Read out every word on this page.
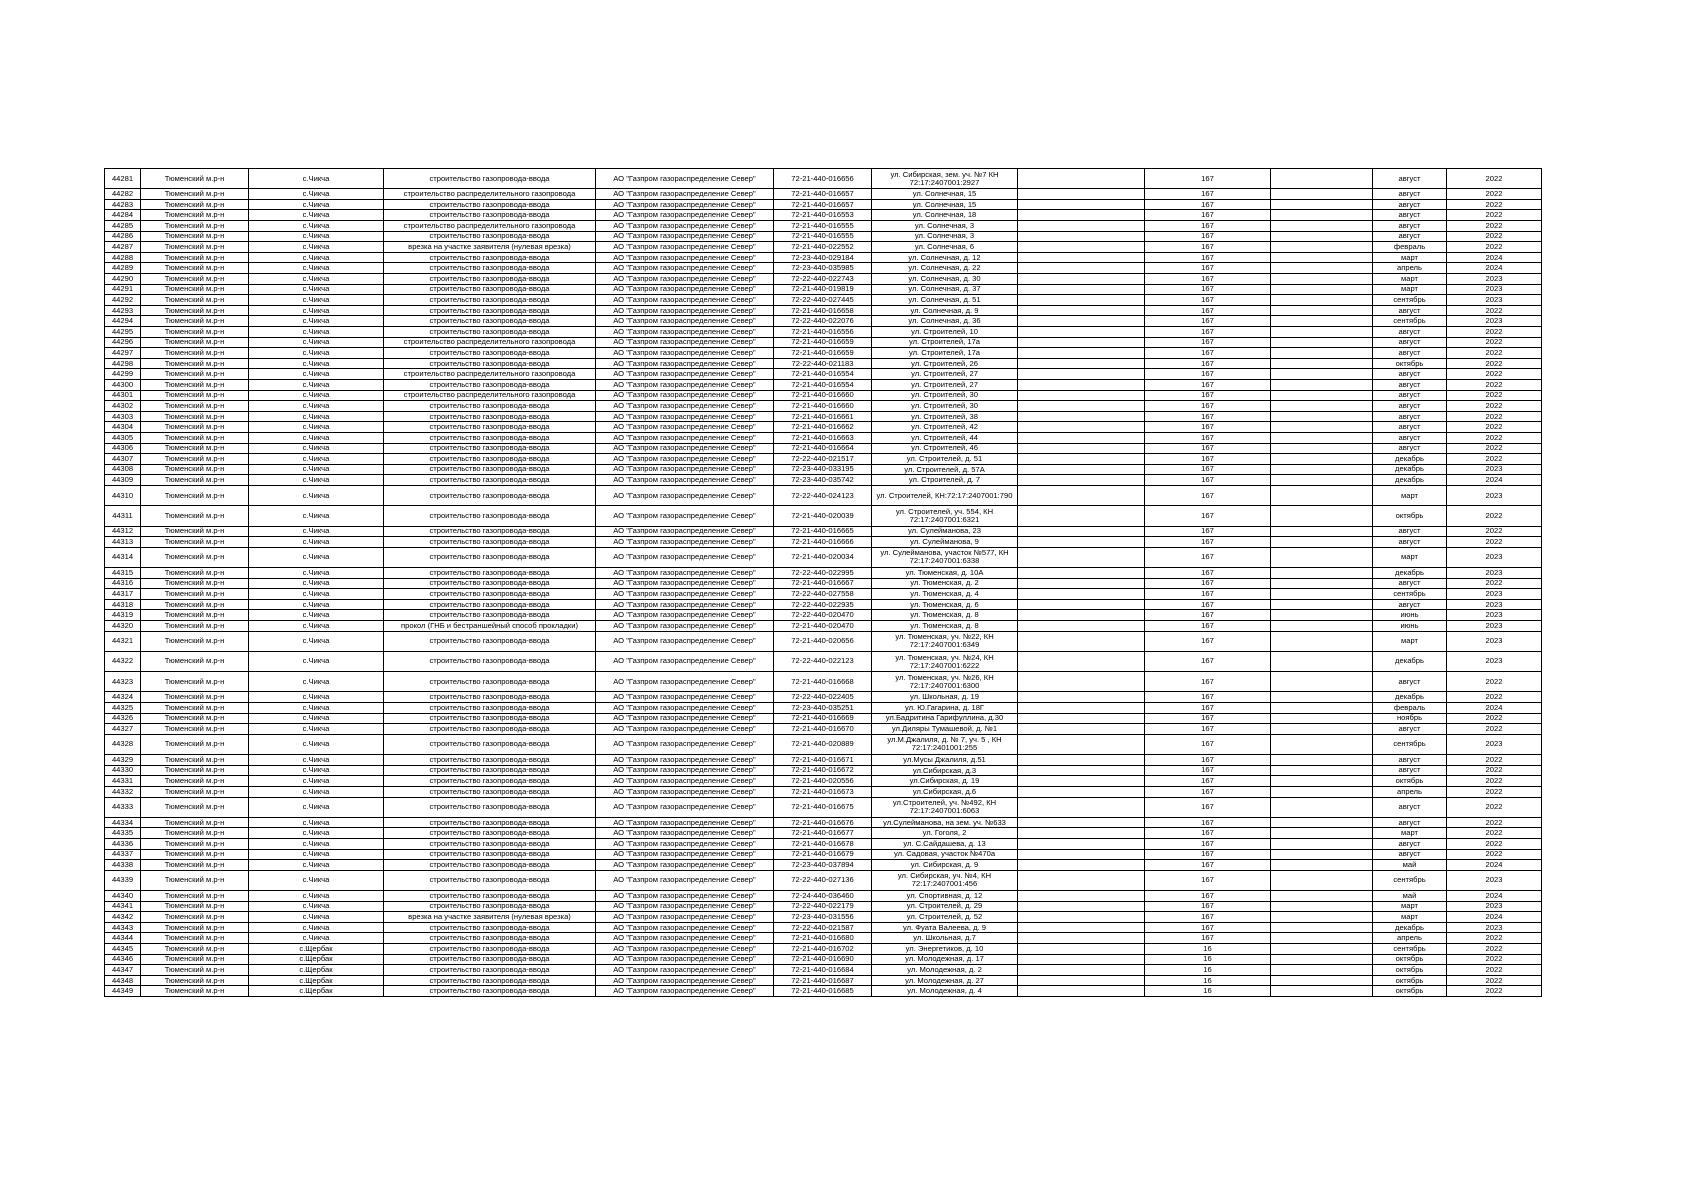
44281	Тюменский м.р-н	с.Чикча	строительство газопровода-ввода	АО "Газпром газораспределение Север"	72-21-440-016656	ул. Сибирская, зем. уч. №7 КН 72:17:2407001:2927		167		август	2022
44282	Тюменский м.р-н	с.Чикча	строительство распределительного газопровода	АО "Газпром газораспределение Север"	72-21-440-016657	ул. Солнечная, 15		167		август	2022
44283	Тюменский м.р-н	с.Чикча	строительство газопровода-ввода	АО "Газпром газораспределение Север"	72-21-440-016657	ул. Солнечная, 15		167		август	2022
44284	Тюменский м.р-н	с.Чикча	строительство газопровода-ввода	АО "Газпром газораспределение Север"	72-21-440-016553	ул. Солнечная, 18		167		август	2022
44285	Тюменский м.р-н	с.Чикча	строительство распределительного газопровода	АО "Газпром газораспределение Север"	72-21-440-016555	ул. Солнечная, 3		167		август	2022
44286	Тюменский м.р-н	с.Чикча	строительство газопровода-ввода	АО "Газпром газораспределение Север"	72-21-440-016555	ул. Солнечная, 3		167		август	2022
44287	Тюменский м.р-н	с.Чикча	врезка на участке заявителя (нулевая врезка)	АО "Газпром газораспределение Север"	72-21-440-022552	ул. Солнечная, 6		167		февраль	2022
44288	Тюменский м.р-н	с.Чикча	строительство газопровода-ввода	АО "Газпром газораспределение Север"	72-23-440-029184	ул. Солнечная, д. 12		167		март	2024
44289	Тюменский м.р-н	с.Чикча	строительство газопровода-ввода	АО "Газпром газораспределение Север"	72-23-440-035985	ул. Солнечная, д. 22		167		апрель	2024
44290	Тюменский м.р-н	с.Чикча	строительство газопровода-ввода	АО "Газпром газораспределение Север"	72-22-440-022743	ул. Солнечная, д. 30		167		март	2023
44291	Тюменский м.р-н	с.Чикча	строительство газопровода-ввода	АО "Газпром газораспределение Север"	72-21-440-019819	ул. Солнечная, д. 37		167		март	2023
44292	Тюменский м.р-н	с.Чикча	строительство газопровода-ввода	АО "Газпром газораспределение Север"	72-22-440-027445	ул. Солнечная, д. 51		167		сентябрь	2023
44293	Тюменский м.р-н	с.Чикча	строительство газопровода-ввода	АО "Газпром газораспределение Север"	72-21-440-016658	ул. Солнечная, д. 9		167		август	2022
44294	Тюменский м.р-н	с.Чикча	строительство газопровода-ввода	АО "Газпром газораспределение Север"	72-22-440-022076	ул. Солнечная, д. 36		167		сентябрь	2023
44295	Тюменский м.р-н	с.Чикча	строительство газопровода-ввода	АО "Газпром газораспределение Север"	72-21-440-016556	ул. Строителей, 10		167		август	2022
44296	Тюменский м.р-н	с.Чикча	строительство распределительного газопровода	АО "Газпром газораспределение Север"	72-21-440-016659	ул. Строителей, 17а		167		август	2022
44297	Тюменский м.р-н	с.Чикча	строительство газопровода-ввода	АО "Газпром газораспределение Север"	72-21-440-016659	ул. Строителей, 17а		167		август	2022
44298	Тюменский м.р-н	с.Чикча	строительство газопровода-ввода	АО "Газпром газораспределение Север"	72-22-440-021183	ул. Строителей, 26		167		октябрь	2022
44299	Тюменский м.р-н	с.Чикча	строительство распределительного газопровода	АО "Газпром газораспределение Север"	72-21-440-016554	ул. Строителей, 27		167		август	2022
44300	Тюменский м.р-н	с.Чикча	строительство газопровода-ввода	АО "Газпром газораспределение Север"	72-21-440-016554	ул. Строителей, 27		167		август	2022
44301	Тюменский м.р-н	с.Чикча	строительство распределительного газопровода	АО "Газпром газораспределение Север"	72-21-440-016660	ул. Строителей, 30		167		август	2022
44302	Тюменский м.р-н	с.Чикча	строительство газопровода-ввода	АО "Газпром газораспределение Север"	72-21-440-016660	ул. Строителей, 30		167		август	2022
44303	Тюменский м.р-н	с.Чикча	строительство газопровода-ввода	АО "Газпром газораспределение Север"	72-21-440-016661	ул. Строителей, 38		167		август	2022
44304	Тюменский м.р-н	с.Чикча	строительство газопровода-ввода	АО "Газпром газораспределение Север"	72-21-440-016662	ул. Строителей, 42		167		август	2022
44305	Тюменский м.р-н	с.Чикча	строительство газопровода-ввода	АО "Газпром газораспределение Север"	72-21-440-016663	ул. Строителей, 44		167		август	2022
44306	Тюменский м.р-н	с.Чикча	строительство газопровода-ввода	АО "Газпром газораспределение Север"	72-21-440-016664	ул. Строителей, 46		167		август	2022
44307	Тюменский м.р-н	с.Чикча	строительство газопровода-ввода	АО "Газпром газораспределение Север"	72-22-440-021517	ул. Строителей, д. 51		167		декабрь	2022
44308	Тюменский м.р-н	с.Чикча	строительство газопровода-ввода	АО "Газпром газораспределение Север"	72-23-440-033195	ул. Строителей, д. 57А		167		декабрь	2023
44309	Тюменский м.р-н	с.Чикча	строительство газопровода-ввода	АО "Газпром газораспределение Север"	72-23-440-035742	ул. Строителей, д. 7		167		декабрь	2024
44310	Тюменский м.р-н	с.Чикча	строительство газопровода-ввода	АО "Газпром газораспределение Север"	72-22-440-024123	ул. Строителей, КН:72:17:2407001:790		167		март	2023
44311	Тюменский м.р-н	с.Чикча	строительство газопровода-ввода	АО "Газпром газораспределение Север"	72-21-440-020039	ул. Строителей, уч. 554, КН 72:17:2407001:6321		167		октябрь	2022
44312	Тюменский м.р-н	с.Чикча	строительство газопровода-ввода	АО "Газпром газораспределение Север"	72-21-440-016665	ул. Сулейманова, 23		167		август	2022
44313	Тюменский м.р-н	с.Чикча	строительство газопровода-ввода	АО "Газпром газораспределение Север"	72-21-440-016666	ул. Сулейманова, 9		167		август	2022
44314	Тюменский м.р-н	с.Чикча	строительство газопровода-ввода	АО "Газпром газораспределение Север"	72-21-440-020034	ул. Сулейманова, участок №577, КН 72:17:2407001:6338		167		март	2023
44315	Тюменский м.р-н	с.Чикча	строительство газопровода-ввода	АО "Газпром газораспределение Север"	72-22-440-022995	ул. Тюменская, д. 10А		167		декабрь	2023
44316	Тюменский м.р-н	с.Чикча	строительство газопровода-ввода	АО "Газпром газораспределение Север"	72-21-440-016667	ул. Тюменская, д. 2		167		август	2022
44317	Тюменский м.р-н	с.Чикча	строительство газопровода-ввода	АО "Газпром газораспределение Север"	72-22-440-027558	ул. Тюменская, д. 4		167		сентябрь	2023
44318	Тюменский м.р-н	с.Чикча	строительство газопровода-ввода	АО "Газпром газораспределение Север"	72-22-440-022935	ул. Тюменская, д. 6		167		август	2023
44319	Тюменский м.р-н	с.Чикча	строительство газопровода-ввода	АО "Газпром газораспределение Север"	72-22-440-020470	ул. Тюменская, д. 8		167		июнь	2023
44320	Тюменский м.р-н	с.Чикча	прокол (ГНБ и бестраншейный способ прокладки)	АО "Газпром газораспределение Север"	72-21-440-020470	ул. Тюменская, д. 8		167		июнь	2023
44321	Тюменский м.р-н	с.Чикча	строительство газопровода-ввода	АО "Газпром газораспределение Север"	72-21-440-020656	ул. Тюменская, уч. №22, КН 72:17:2407001:6349		167		март	2023
44322	Тюменский м.р-н	с.Чикча	строительство газопровода-ввода	АО "Газпром газораспределение Север"	72-22-440-022123	ул. Тюменская, уч. №24, КН 72:17:2407001:6222		167		декабрь	2023
44323	Тюменский м.р-н	с.Чикча	строительство газопровода-ввода	АО "Газпром газораспределение Север"	72-21-440-016668	ул. Тюменская, уч. №26, КН 72:17:2407001:6300		167		август	2022
44324	Тюменский м.р-н	с.Чикча	строительство газопровода-ввода	АО "Газпром газораспределение Север"	72-22-440-022405	ул. Школьная, д. 19		167		декабрь	2022
44325	Тюменский м.р-н	с.Чикча	строительство газопровода-ввода	АО "Газпром газораспределение Север"	72-23-440-035251	ул. Ю.Гагарина, д. 18Г		167		февраль	2024
44326	Тюменский м.р-н	с.Чикча	строительство газопровода-ввода	АО "Газпром газораспределение Север"	72-21-440-016669	ул.Бадритина Гарифуллина, д.30		167		ноябрь	2022
44327	Тюменский м.р-н	с.Чикча	строительство газопровода-ввода	АО "Газпром газораспределение Север"	72-21-440-016670	ул.Диляры Тумашевой, д. №1		167		август	2022
44328	Тюменский м.р-н	с.Чикча	строительство газопровода-ввода	АО "Газпром газораспределение Север"	72-21-440-020889	ул.М.Джалиля, д. № 7, уч. 5 , КН 72:17:2401001:255		167		сентябрь	2023
44329	Тюменский м.р-н	с.Чикча	строительство газопровода-ввода	АО "Газпром газораспределение Север"	72-21-440-016671	ул.Мусы Джалиля, д.51		167		август	2022
44330	Тюменский м.р-н	с.Чикча	строительство газопровода-ввода	АО "Газпром газораспределение Север"	72-21-440-016672	ул.Сибирская, д.3		167		август	2022
44331	Тюменский м.р-н	с.Чикча	строительство газопровода-ввода	АО "Газпром газораспределение Север"	72-21-440-020556	ул.Сибирская, д. 19		167		октябрь	2022
44332	Тюменский м.р-н	с.Чикча	строительство газопровода-ввода	АО "Газпром газораспределение Север"	72-21-440-016673	ул.Сибирская, д.6		167		апрель	2022
44333	Тюменский м.р-н	с.Чикча	строительство газопровода-ввода	АО "Газпром газораспределение Север"	72-21-440-016675	ул.Строителей, уч. №492, КН 72:17:2407001:6063		167		август	2022
44334	Тюменский м.р-н	с.Чикча	строительство газопровода-ввода	АО "Газпром газораспределение Север"	72-21-440-016676	ул.Сулейманова, на зем. уч. №633		167		август	2022
44335	Тюменский м.р-н	с.Чикча	строительство газопровода-ввода	АО "Газпром газораспределение Север"	72-21-440-016677	ул. Гоголя, 2		167		март	2022
44336	Тюменский м.р-н	с.Чикча	строительство газопровода-ввода	АО "Газпром газораспределение Север"	72-21-440-016678	ул. С.Сайдашева, д. 13		167		август	2022
44337	Тюменский м.р-н	с.Чикча	строительство газопровода-ввода	АО "Газпром газораспределение Север"	72-21-440-016679	ул. Садовая, участок №470а		167		август	2022
44338	Тюменский м.р-н	с.Чикча	строительство газопровода-ввода	АО "Газпром газораспределение Север"	72-23-440-037894	ул. Сибирская, д. 9		167		май	2024
44339	Тюменский м.р-н	с.Чикча	строительство газопровода-ввода	АО "Газпром газораспределение Север"	72-22-440-027136	ул. Сибирская, уч. №4, КН 72:17:2407001:456		167		сентябрь	2023
44340	Тюменский м.р-н	с.Чикча	строительство газопровода-ввода	АО "Газпром газораспределение Север"	72-24-440-036460	ул. Спортивная, д. 12		167		май	2024
44341	Тюменский м.р-н	с.Чикча	строительство газопровода-ввода	АО "Газпром газораспределение Север"	72-22-440-022179	ул. Строителей, д. 29		167		март	2023
44342	Тюменский м.р-н	с.Чикча	врезка на участке заявителя (нулевая врезка)	АО "Газпром газораспределение Север"	72-23-440-031556	ул. Строителей, д. 52		167		март	2024
44343	Тюменский м.р-н	с.Чикча	строительство газопровода-ввода	АО "Газпром газораспределение Север"	72-22-440-021587	ул. Фуата Валеева, д. 9		167		декабрь	2023
44344	Тюменский м.р-н	с.Чикча	строительство газопровода-ввода	АО "Газпром газораспределение Север"	72-21-440-016680	ул. Школьная, д.7		167		апрель	2022
44345	Тюменский м.р-н	с.Щербак	строительство газопровода-ввода	АО "Газпром газораспределение Север"	72-21-440-016702	ул. Энергетиков, д. 10		16		сентябрь	2022
44346	Тюменский м.р-н	с.Щербак	строительство газопровода-ввода	АО "Газпром газораспределение Север"	72-21-440-016690	ул. Молодежная, д. 17		16		октябрь	2022
44347	Тюменский м.р-н	с.Щербак	строительство газопровода-ввода	АО "Газпром газораспределение Север"	72-21-440-016684	ул. Молодежная, д. 2		16		октябрь	2022
44348	Тюменский м.р-н	с.Щербак	строительство газопровода-ввода	АО "Газпром газораспределение Север"	72-21-440-016687	ул. Молодежная, д. 27		16		октябрь	2022
44349	Тюменский м.р-н	с.Щербак	строительство газопровода-ввода	АО "Газпром газораспределение Север"	72-21-440-016685	ул. Молодежная, д. 4		16		октябрь	2022
